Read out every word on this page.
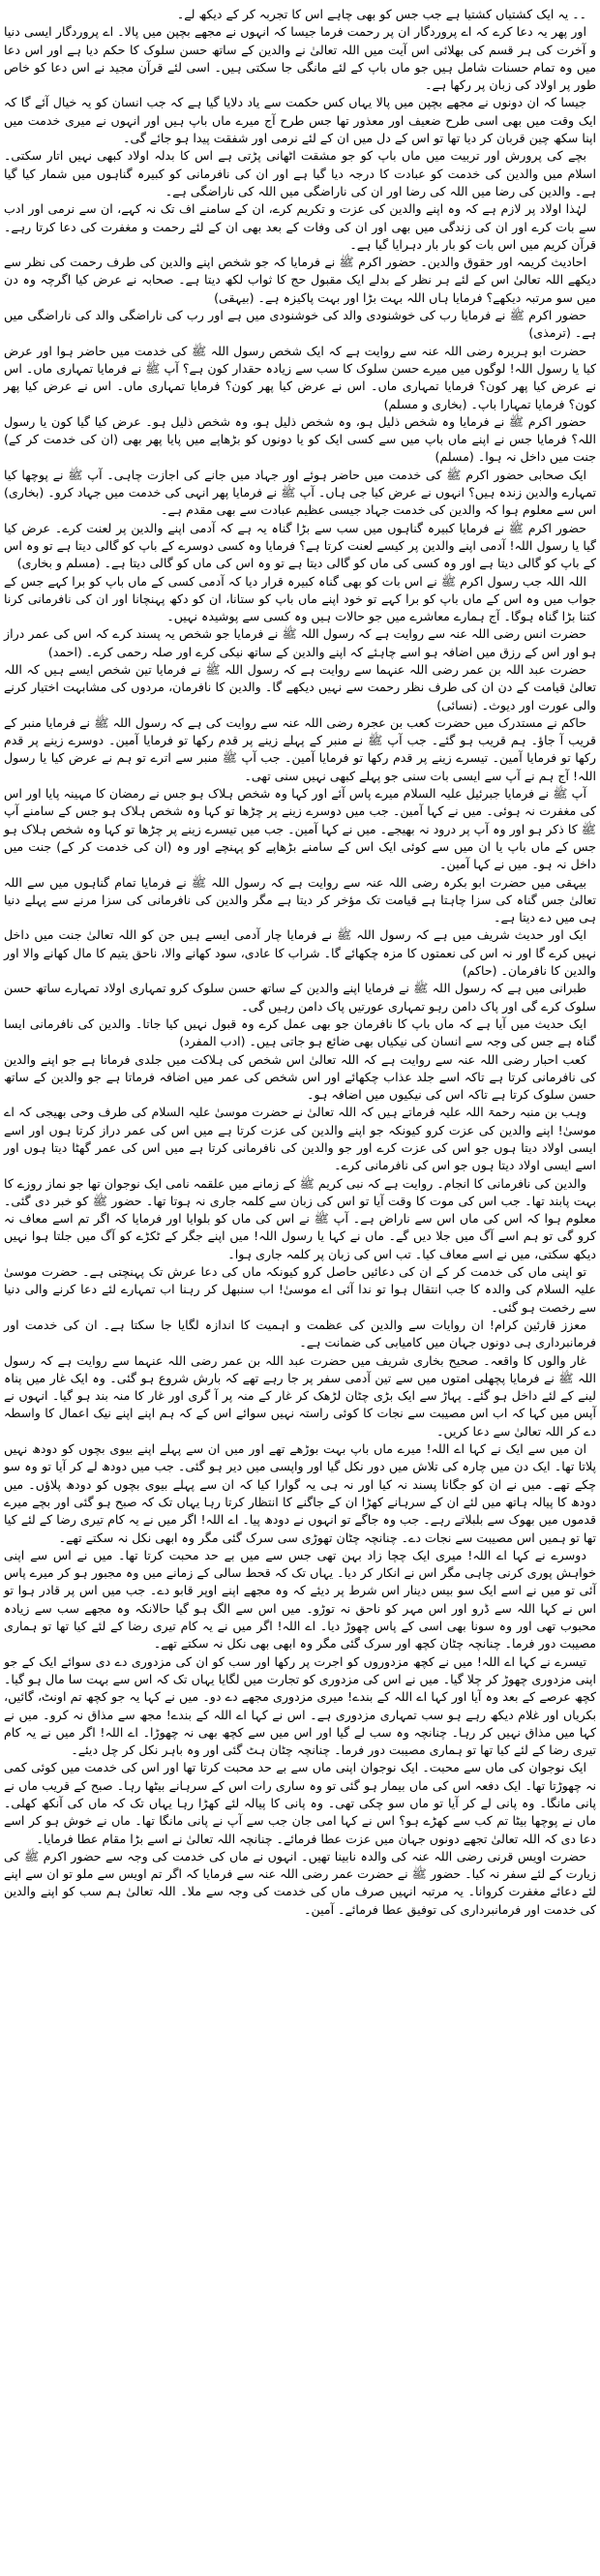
۔۔ یہ ایک کشتیاں کشتیا ہے جب جس کو بھی چاہے اس کا تجربہ کر کے دیکھ لے۔

اور پھر یہ دعا کرے کہ اے پروردگار ان پر رحمت فرما جیسا کہ انہوں نے مجھے بچپن میں پالا۔ اے پروردگار ایسی دنیا و آخرت کی ہر قسم کی بھلائی اس آیت میں اللہ تعالیٰ نے والدین کے ساتھ حسن سلوک کا حکم دیا ہے اور اس دعا میں وہ تمام حسنات شامل ہیں جو ماں باپ کے لئے مانگی جا سکتی ہیں۔ اسی لئے قرآن مجید نے اس دعا کو خاص طور پر اولاد کی زبان پر رکھا ہے۔

جیسا کہ ان دونوں نے مجھے بچپن میں پالا یہاں کس حکمت سے یاد دلایا گیا ہے کہ جب انسان کو یہ خیال آئے گا کہ ایک وقت میں بھی اسی طرح ضعیف اور معذور تھا جس طرح آج میرے ماں باپ ہیں اور انہوں نے میری خدمت میں اپنا سکھ چین قربان کر دیا تھا تو اس کے دل میں ان کے لئے نرمی اور شفقت پیدا ہو جائے گی۔

بچے کی پرورش اور تربیت میں ماں باپ کو جو مشقت اٹھانی پڑتی ہے اس کا بدلہ اولاد کبھی نہیں اتار سکتی۔ اسلام میں والدین کی خدمت کو عبادت کا درجہ دیا گیا ہے اور ان کی نافرمانی کو کبیرہ گناہوں میں شمار کیا گیا ہے۔ والدین کی رضا میں اللہ کی رضا اور ان کی ناراضگی میں اللہ کی ناراضگی ہے۔

لہٰذا اولاد پر لازم ہے کہ وہ اپنے والدین کی عزت و تکریم کرے، ان کے سامنے اف تک نہ کہے، ان سے نرمی اور ادب سے بات کرے اور ان کی زندگی میں بھی اور ان کی وفات کے بعد بھی ان کے لئے رحمت و مغفرت کی دعا کرتا رہے۔ قرآن کریم میں اس بات کو بار بار دہرایا گیا ہے۔

احادیث کریمہ اور حقوق والدین۔ حضور اکرم ﷺ نے فرمایا کہ جو شخص اپنے والدین کی طرف رحمت کی نظر سے دیکھے اللہ تعالیٰ اس کے لئے ہر نظر کے بدلے ایک مقبول حج کا ثواب لکھ دیتا ہے۔ صحابہ نے عرض کیا اگرچہ وہ دن میں سو مرتبہ دیکھے؟ فرمایا ہاں اللہ بہت بڑا اور بہت پاکیزہ ہے۔ (بیہقی)

حضور اکرم ﷺ نے فرمایا رب کی خوشنودی والد کی خوشنودی میں ہے اور رب کی ناراضگی والد کی ناراضگی میں ہے۔ (ترمذی)

حضرت ابو ہریرہ رضی اللہ عنہ سے روایت ہے کہ ایک شخص رسول اللہ ﷺ کی خدمت میں حاضر ہوا اور عرض کیا یا رسول اللہ! لوگوں میں میرے حسن سلوک کا سب سے زیادہ حقدار کون ہے؟ آپ ﷺ نے فرمایا تمہاری ماں۔ اس نے عرض کیا پھر کون؟ فرمایا تمہاری ماں۔ اس نے عرض کیا پھر کون؟ فرمایا تمہاری ماں۔ اس نے عرض کیا پھر کون؟ فرمایا تمہارا باپ۔ (بخاری و مسلم)

حضور اکرم ﷺ نے فرمایا وہ شخص ذلیل ہو، وہ شخص ذلیل ہو، وہ شخص ذلیل ہو۔ عرض کیا گیا کون یا رسول اللہ؟ فرمایا جس نے اپنے ماں باپ میں سے کسی ایک کو یا دونوں کو بڑھاپے میں پایا پھر بھی (ان کی خدمت کر کے) جنت میں داخل نہ ہوا۔ (مسلم)

ایک صحابی حضور اکرم ﷺ کی خدمت میں حاضر ہوئے اور جہاد میں جانے کی اجازت چاہی۔ آپ ﷺ نے پوچھا کیا تمہارے والدین زندہ ہیں؟ انہوں نے عرض کیا جی ہاں۔ آپ ﷺ نے فرمایا پھر انہی کی خدمت میں جہاد کرو۔ (بخاری) اس سے معلوم ہوا کہ والدین کی خدمت جہاد جیسی عظیم عبادت سے بھی مقدم ہے۔

حضور اکرم ﷺ نے فرمایا کبیرہ گناہوں میں سب سے بڑا گناہ یہ ہے کہ آدمی اپنے والدین پر لعنت کرے۔ عرض کیا گیا یا رسول اللہ! آدمی اپنے والدین پر کیسے لعنت کرتا ہے؟ فرمایا وہ کسی دوسرے کے باپ کو گالی دیتا ہے تو وہ اس کے باپ کو گالی دیتا ہے اور وہ کسی کی ماں کو گالی دیتا ہے تو وہ اس کی ماں کو گالی دیتا ہے۔ (مسلم و بخاری)

اللہ اللہ جب رسول اکرم ﷺ نے اس بات کو بھی گناہ کبیرہ قرار دیا کہ آدمی کسی کے ماں باپ کو برا کہے جس کے جواب میں وہ اس کے ماں باپ کو برا کہے تو خود اپنے ماں باپ کو ستانا، ان کو دکھ پہنچانا اور ان کی نافرمانی کرنا کتنا بڑا گناہ ہوگا۔ آج ہمارے معاشرے میں جو حالات ہیں وہ کسی سے پوشیدہ نہیں۔

حضرت انس رضی اللہ عنہ سے روایت ہے کہ رسول اللہ ﷺ نے فرمایا جو شخص یہ پسند کرے کہ اس کی عمر دراز ہو اور اس کے رزق میں اضافہ ہو اسے چاہئے کہ اپنے والدین کے ساتھ نیکی کرے اور صلہ رحمی کرے۔ (احمد)

حضرت عبد اللہ بن عمر رضی اللہ عنہما سے روایت ہے کہ رسول اللہ ﷺ نے فرمایا تین شخص ایسے ہیں کہ اللہ تعالیٰ قیامت کے دن ان کی طرف نظر رحمت سے نہیں دیکھے گا۔ والدین کا نافرمان، مردوں کی مشابہت اختیار کرنے والی عورت اور دیوث۔ (نسائی)

حاکم نے مستدرک میں حضرت کعب بن عجرہ رضی اللہ عنہ سے روایت کی ہے کہ رسول اللہ ﷺ نے فرمایا منبر کے قریب آ جاؤ۔ ہم قریب ہو گئے۔ جب آپ ﷺ نے منبر کے پہلے زینے پر قدم رکھا تو فرمایا آمین۔ دوسرے زینے پر قدم رکھا تو فرمایا آمین۔ تیسرے زینے پر قدم رکھا تو فرمایا آمین۔ جب آپ ﷺ منبر سے اترے تو ہم نے عرض کیا یا رسول اللہ! آج ہم نے آپ سے ایسی بات سنی جو پہلے کبھی نہیں سنی تھی۔

آپ ﷺ نے فرمایا جبرئیل علیہ السلام میرے پاس آئے اور کہا وہ شخص ہلاک ہو جس نے رمضان کا مہینہ پایا اور اس کی مغفرت نہ ہوئی۔ میں نے کہا آمین۔ جب میں دوسرے زینے پر چڑھا تو کہا وہ شخص ہلاک ہو جس کے سامنے آپ ﷺ کا ذکر ہو اور وہ آپ پر درود نہ بھیجے۔ میں نے کہا آمین۔ جب میں تیسرے زینے پر چڑھا تو کہا وہ شخص ہلاک ہو جس کے ماں باپ یا ان میں سے کوئی ایک اس کے سامنے بڑھاپے کو پہنچے اور وہ (ان کی خدمت کر کے) جنت میں داخل نہ ہو۔ میں نے کہا آمین۔

بیہقی میں حضرت ابو بکرہ رضی اللہ عنہ سے روایت ہے کہ رسول اللہ ﷺ نے فرمایا تمام گناہوں میں سے اللہ تعالیٰ جس گناہ کی سزا چاہتا ہے قیامت تک مؤخر کر دیتا ہے مگر والدین کی نافرمانی کی سزا مرنے سے پہلے دنیا ہی میں دے دیتا ہے۔

ایک اور حدیث شریف میں ہے کہ رسول اللہ ﷺ نے فرمایا چار آدمی ایسے ہیں جن کو اللہ تعالیٰ جنت میں داخل نہیں کرے گا اور نہ اس کی نعمتوں کا مزہ چکھائے گا۔ شراب کا عادی، سود کھانے والا، ناحق یتیم کا مال کھانے والا اور والدین کا نافرمان۔ (حاکم)

طبرانی میں ہے کہ رسول اللہ ﷺ نے فرمایا اپنے والدین کے ساتھ حسن سلوک کرو تمہاری اولاد تمہارے ساتھ حسن سلوک کرے گی اور پاک دامن رہو تمہاری عورتیں پاک دامن رہیں گی۔

ایک حدیث میں آیا ہے کہ ماں باپ کا نافرمان جو بھی عمل کرے وہ قبول نہیں کیا جاتا۔ والدین کی نافرمانی ایسا گناہ ہے جس کی وجہ سے انسان کی نیکیاں بھی ضائع ہو جاتی ہیں۔ (ادب المفرد)

کعب احبار رضی اللہ عنہ سے روایت ہے کہ اللہ تعالیٰ اس شخص کی ہلاکت میں جلدی فرماتا ہے جو اپنے والدین کی نافرمانی کرتا ہے تاکہ اسے جلد عذاب چکھائے اور اس شخص کی عمر میں اضافہ فرماتا ہے جو والدین کے ساتھ حسن سلوک کرتا ہے تاکہ اس کی نیکیوں میں اضافہ ہو۔

وہب بن منبہ رحمۃ اللہ علیہ فرماتے ہیں کہ اللہ تعالیٰ نے حضرت موسیٰ علیہ السلام کی طرف وحی بھیجی کہ اے موسیٰ! اپنے والدین کی عزت کرو کیونکہ جو اپنے والدین کی عزت کرتا ہے میں اس کی عمر دراز کرتا ہوں اور اسے ایسی اولاد دیتا ہوں جو اس کی عزت کرے اور جو والدین کی نافرمانی کرتا ہے میں اس کی عمر گھٹا دیتا ہوں اور اسے ایسی اولاد دیتا ہوں جو اس کی نافرمانی کرے۔

والدین کی نافرمانی کا انجام۔ روایت ہے کہ نبی کریم ﷺ کے زمانے میں علقمہ نامی ایک نوجوان تھا جو نماز روزے کا بہت پابند تھا۔ جب اس کی موت کا وقت آیا تو اس کی زبان سے کلمہ جاری نہ ہوتا تھا۔ حضور ﷺ کو خبر دی گئی۔ معلوم ہوا کہ اس کی ماں اس سے ناراض ہے۔ آپ ﷺ نے اس کی ماں کو بلوایا اور فرمایا کہ اگر تم اسے معاف نہ کرو گی تو ہم اسے آگ میں جلا دیں گے۔ ماں نے کہا یا رسول اللہ! میں اپنے جگر کے ٹکڑے کو آگ میں جلتا ہوا نہیں دیکھ سکتی، میں نے اسے معاف کیا۔ تب اس کی زبان پر کلمہ جاری ہوا۔

تو اپنی ماں کی خدمت کر کے ان کی دعائیں حاصل کرو کیونکہ ماں کی دعا عرش تک پہنچتی ہے۔ حضرت موسیٰ علیہ السلام کی والدہ کا جب انتقال ہوا تو ندا آئی اے موسیٰ! اب سنبھل کر رہنا اب تمہارے لئے دعا کرنے والی دنیا سے رخصت ہو گئی۔

معزز قارئین کرام! ان روایات سے والدین کی عظمت و اہمیت کا اندازہ لگایا جا سکتا ہے۔ ان کی خدمت اور فرمانبرداری ہی دونوں جہان میں کامیابی کی ضمانت ہے۔

غار والوں کا واقعہ۔ صحیح بخاری شریف میں حضرت عبد اللہ بن عمر رضی اللہ عنہما سے روایت ہے کہ رسول اللہ ﷺ نے فرمایا پچھلی امتوں میں سے تین آدمی سفر پر جا رہے تھے کہ بارش شروع ہو گئی۔ وہ ایک غار میں پناہ لینے کے لئے داخل ہو گئے۔ پہاڑ سے ایک بڑی چٹان لڑھک کر غار کے منہ پر آ گری اور غار کا منہ بند ہو گیا۔ انہوں نے آپس میں کہا کہ اب اس مصیبت سے نجات کا کوئی راستہ نہیں سوائے اس کے کہ ہم اپنے اپنے نیک اعمال کا واسطہ دے کر اللہ تعالیٰ سے دعا کریں۔

ان میں سے ایک نے کہا اے اللہ! میرے ماں باپ بہت بوڑھے تھے اور میں ان سے پہلے اپنے بیوی بچوں کو دودھ نہیں پلاتا تھا۔ ایک دن میں چارہ کی تلاش میں دور نکل گیا اور واپسی میں دیر ہو گئی۔ جب میں دودھ لے کر آیا تو وہ سو چکے تھے۔ میں نے ان کو جگانا پسند نہ کیا اور نہ ہی یہ گوارا کیا کہ ان سے پہلے بیوی بچوں کو دودھ پلاؤں۔ میں دودھ کا پیالہ ہاتھ میں لئے ان کے سرہانے کھڑا ان کے جاگنے کا انتظار کرتا رہا یہاں تک کہ صبح ہو گئی اور بچے میرے قدموں میں بھوک سے بلبلاتے رہے۔ جب وہ جاگے تو انہوں نے دودھ پیا۔ اے اللہ! اگر میں نے یہ کام تیری رضا کے لئے کیا تھا تو ہمیں اس مصیبت سے نجات دے۔ چنانچہ چٹان تھوڑی سی سرک گئی مگر وہ ابھی نکل نہ سکتے تھے۔

دوسرے نے کہا اے اللہ! میری ایک چچا زاد بہن تھی جس سے میں بے حد محبت کرتا تھا۔ میں نے اس سے اپنی خواہش پوری کرنی چاہی مگر اس نے انکار کر دیا۔ یہاں تک کہ قحط سالی کے زمانے میں وہ مجبور ہو کر میرے پاس آئی تو میں نے اسے ایک سو بیس دینار اس شرط پر دیئے کہ وہ مجھے اپنے اوپر قابو دے۔ جب میں اس پر قادر ہوا تو اس نے کہا اللہ سے ڈرو اور اس مہر کو ناحق نہ توڑو۔ میں اس سے الگ ہو گیا حالانکہ وہ مجھے سب سے زیادہ محبوب تھی اور وہ سونا بھی اسی کے پاس چھوڑ دیا۔ اے اللہ! اگر میں نے یہ کام تیری رضا کے لئے کیا تھا تو ہماری مصیبت دور فرما۔ چنانچہ چٹان کچھ اور سرک گئی مگر وہ ابھی بھی نکل نہ سکتے تھے۔

تیسرے نے کہا اے اللہ! میں نے کچھ مزدوروں کو اجرت پر رکھا اور سب کو ان کی مزدوری دے دی سوائے ایک کے جو اپنی مزدوری چھوڑ کر چلا گیا۔ میں نے اس کی مزدوری کو تجارت میں لگایا یہاں تک کہ اس سے بہت سا مال ہو گیا۔ کچھ عرصے کے بعد وہ آیا اور کہا اے اللہ کے بندے! میری مزدوری مجھے دے دو۔ میں نے کہا یہ جو کچھ تم اونٹ، گائیں، بکریاں اور غلام دیکھ رہے ہو سب تمہاری مزدوری ہے۔ اس نے کہا اے اللہ کے بندے! مجھ سے مذاق نہ کرو۔ میں نے کہا میں مذاق نہیں کر رہا۔ چنانچہ وہ سب لے گیا اور اس میں سے کچھ بھی نہ چھوڑا۔ اے اللہ! اگر میں نے یہ کام تیری رضا کے لئے کیا تھا تو ہماری مصیبت دور فرما۔ چنانچہ چٹان ہٹ گئی اور وہ باہر نکل کر چل دیئے۔

ایک نوجوان کی ماں سے محبت۔ ایک نوجوان اپنی ماں سے بے حد محبت کرتا تھا اور اس کی خدمت میں کوئی کمی نہ چھوڑتا تھا۔ ایک دفعہ اس کی ماں بیمار ہو گئی تو وہ ساری رات اس کے سرہانے بیٹھا رہا۔ صبح کے قریب ماں نے پانی مانگا۔ وہ پانی لے کر آیا تو ماں سو چکی تھی۔ وہ پانی کا پیالہ لئے کھڑا رہا یہاں تک کہ ماں کی آنکھ کھلی۔ ماں نے پوچھا بیٹا تم کب سے کھڑے ہو؟ اس نے کہا امی جان جب سے آپ نے پانی مانگا تھا۔ ماں نے خوش ہو کر اسے دعا دی کہ اللہ تعالیٰ تجھے دونوں جہان میں عزت عطا فرمائے۔ چنانچہ اللہ تعالیٰ نے اسے بڑا مقام عطا فرمایا۔

حضرت اویس قرنی رضی اللہ عنہ کی والدہ نابینا تھیں۔ انہوں نے ماں کی خدمت کی وجہ سے حضور اکرم ﷺ کی زیارت کے لئے سفر نہ کیا۔ حضور ﷺ نے حضرت عمر رضی اللہ عنہ سے فرمایا کہ اگر تم اویس سے ملو تو ان سے اپنے لئے دعائے مغفرت کروانا۔ یہ مرتبہ انہیں صرف ماں کی خدمت کی وجہ سے ملا۔ اللہ تعالیٰ ہم سب کو اپنے والدین کی خدمت اور فرمانبرداری کی توفیق عطا فرمائے۔ آمین۔
